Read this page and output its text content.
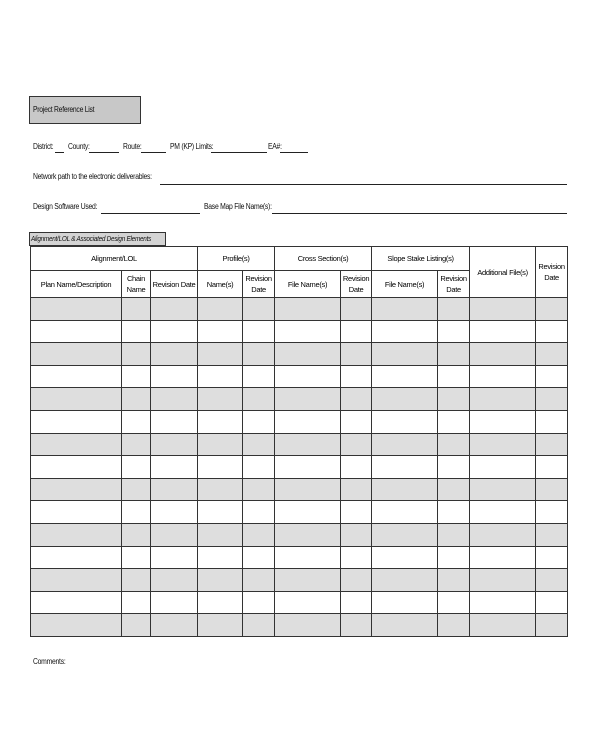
Project Reference List
District: County:	Route:	PM (KP) Limits:	EA#:
Network path to the electronic deliverables:
Design Software Used:	Base Map File Name(s):
Alignment/LOL & Associated Design Elements
Alignment/LOL			Profile(s)		Cross Section(s)		Slope Stake Listing(s)		Additional File(s)	Revision Date
Plan Name/Description	Chain Name	Revision Date	Name(s)	Revision Date	File Name(s)	Revision Date	File Name(s)	Revision Date		

Comments:
